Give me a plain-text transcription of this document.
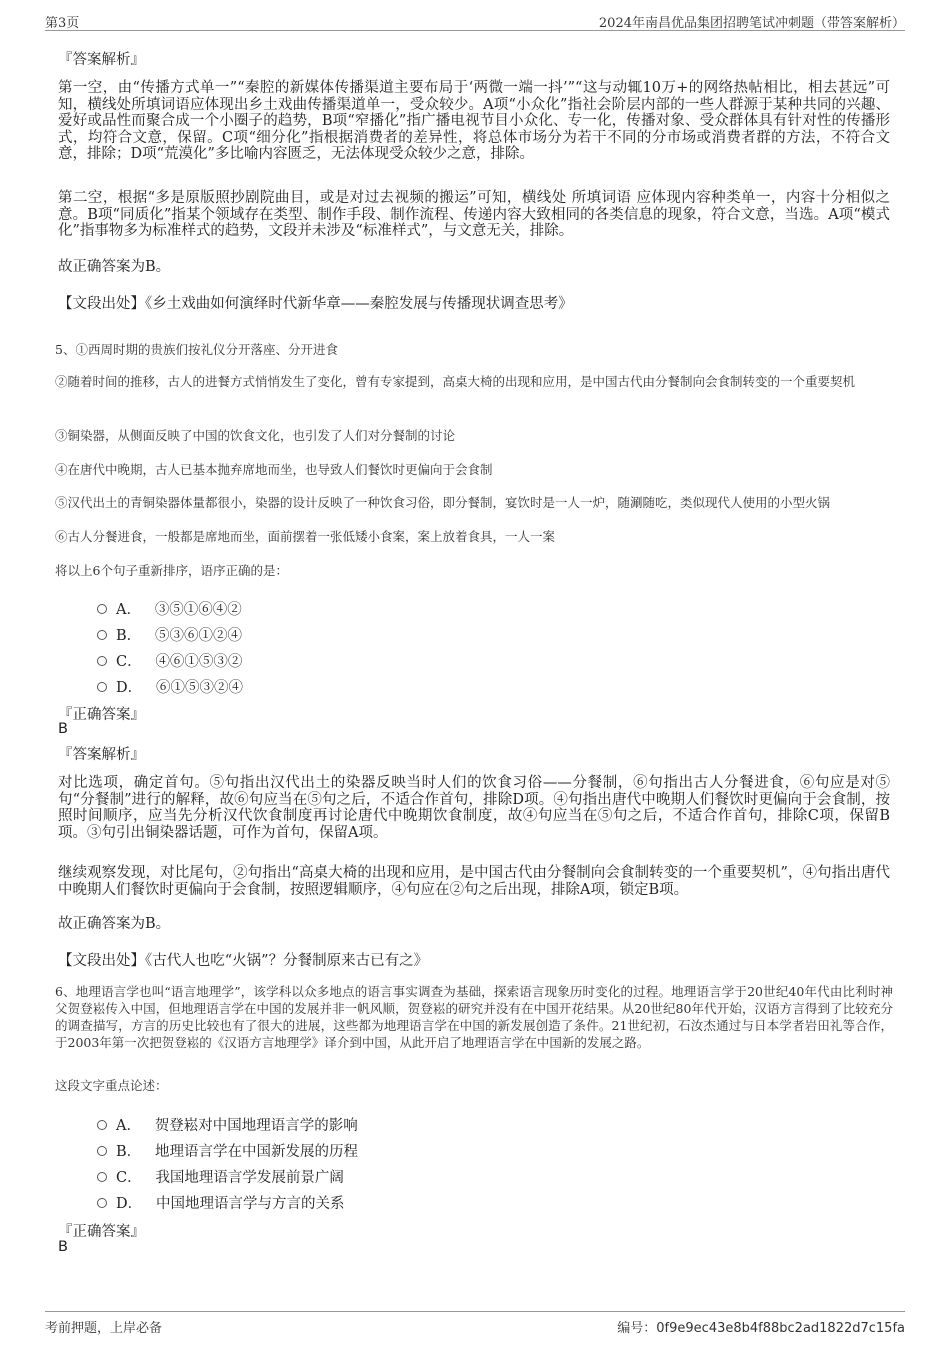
第3页	2024年南昌优品集团招聘笔试冲刺题（带答案解析）
『答案解析』
第一空，由“传播方式单一”“秦腔的新媒体传播渠道主要布局于‘两微一端一抖’”“这与动辄10万+的网络热帖相比，相去甚远”可知，横线处所填词语应体现出乡土戏曲传播渠道单一，受众较少。A项“小众化”指社会阶层内部的一些人群源于某种共同的兴趣、爱好或品性而聚合成一个小圈子的趋势，B项“窄播化”指广播电视节目小众化、专一化，传播对象、受众群体具有针对性的传播形式，均符合文意，保留。C项“细分化”指根据消费者的差异性，将总体市场分为若干不同的分市场或消费者群的方法，不符合文意，排除；D项“荒漠化”多比喻内容匮乏，无法体现受众较少之意，排除。
第二空，根据“多是原版照抄剧院曲目，或是对过去视频的搬运”可知，横线处 所填词语 应体现内容种类单一，内容十分相似之意。B项“同质化”指某个领域存在类型、制作手段、制作流程、传递内容大致相同的各类信息的现象，符合文意，当选。A项“模式化”指事物多为标准样式的趋势，文段并未涉及“标准样式”，与文意无关，排除。
故正确答案为B。
【文段出处】《乡土戏曲如何演绎时代新华章——秦腔发展与传播现状调查思考》
5、①西周时期的贵族们按礼仪分开落座、分开进食
②随着时间的推移，古人的进餐方式悄悄发生了变化，曾有专家提到，高桌大椅的出现和应用，是中国古代由分餐制向会食制转变的一个重要契机
③铜染器，从侧面反映了中国的饮食文化，也引发了人们对分餐制的讨论
④在唐代中晚期，古人已基本抛弃席地而坐，也导致人们餐饮时更偏向于会食制
⑤汉代出土的青铜染器体量都很小，染器的设计反映了一种饮食习俗，即分餐制，宴饮时是一人一炉，随涮随吃，类似现代人使用的小型火锅
⑥古人分餐进食，一般都是席地而坐，面前摆着一张低矮小食案，案上放着食具，一人一案
将以上6个句子重新排序，语序正确的是：
A． ③⑤①⑥④②
B． ⑤③⑥①②④
C． ④⑥①⑤③②
D． ⑥①⑤③②④
『正确答案』
B
『答案解析』
对比选项，确定首句。⑤句指出汉代出土的染器反映当时人们的饮食习俗——分餐制，⑥句指出古人分餐进食，⑥句应是对⑤句“分餐制”进行的解释，故⑥句应当在⑤句之后，不适合作首句，排除D项。④句指出唐代中晚期人们餐饮时更偏向于会食制，按照时间顺序，应当先分析汉代饮食制度再讨论唐代中晚期饮食制度，故④句应当在⑤句之后，不适合作首句，排除C项，保留B项。③句引出铜染器话题，可作为首句，保留A项。
继续观察发现，对比尾句，②句指出“高桌大椅的出现和应用，是中国古代由分餐制向会食制转变的一个重要契机”，④句指出唐代中晚期人们餐饮时更偏向于会食制，按照逻辑顺序，④句应在②句之后出现，排除A项，锁定B项。
故正确答案为B。
【文段出处】《古代人也吃“火锅”？分餐制原来古已有之》
6、地理语言学也叫“语言地理学”，该学科以众多地点的语言事实调查为基础，探索语言现象历时变化的过程。地理语言学于20世纪40年代由比利时神父贺登崧传入中国，但地理语言学在中国的发展并非一帆风顺，贺登崧的研究并没有在中国开花结果。从20世纪80年代开始，汉语方言得到了比较充分的调查描写，方言的历史比较也有了很大的进展，这些都为地理语言学在中国的新发展创造了条件。21世纪初，石汝杰通过与日本学者岩田礼等合作，于2003年第一次把贺登崧的《汉语方言地理学》译介到中国，从此开启了地理语言学在中国新的发展之路。
这段文字重点论述：
A． 贺登崧对中国地理语言学的影响
B． 地理语言学在中国新发展的历程
C． 我国地理语言学发展前景广阔
D． 中国地理语言学与方言的关系
『正确答案』
B
考前押题，上岸必备	编号：0f9e9ec43e8b4f88bc2ad1822d7c15fa
